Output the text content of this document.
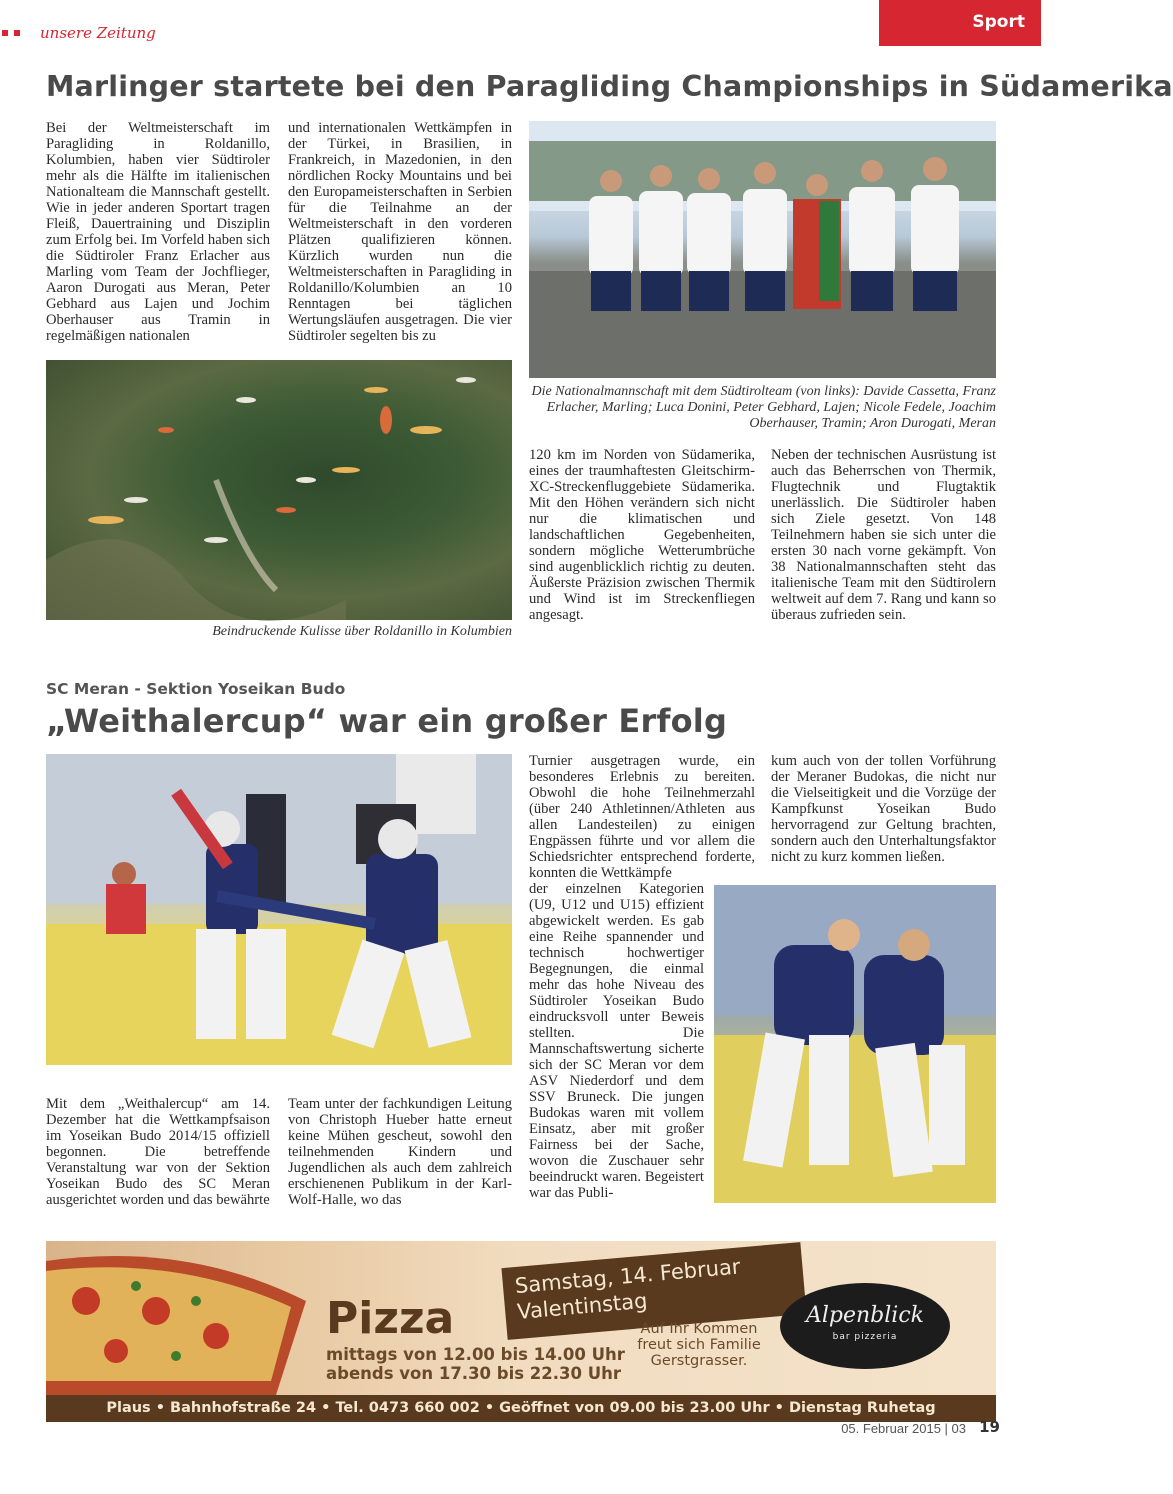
unsere Zeitung
Sport
Marlinger startete bei den Paragliding Championships in Südamerika
Bei der Weltmeisterschaft im Paragliding in Roldanillo, Kolumbien, haben vier Südtiroler mehr als die Hälfte im italienischen Nationalteam die Mannschaft gestellt. Wie in jeder anderen Sportart tragen Fleiß, Dauertraining und Disziplin zum Erfolg bei. Im Vorfeld haben sich die Südtiroler Franz Erlacher aus Marling vom Team der Jochflieger, Aaron Durogati aus Meran, Peter Gebhard aus Lajen und Jochim Oberhauser aus Tramin in regelmäßigen nationalen
und internationalen Wettkämpfen in der Türkei, in Brasilien, in Frankreich, in Mazedonien, in den nördlichen Rocky Mountains und bei den Europameisterschaften in Serbien für die Teilnahme an der Weltmeisterschaft in den vorderen Plätzen qualifizieren können. Kürzlich wurden nun die Weltmeisterschaften in Paragliding in Roldanillo/Kolumbien an 10 Renntagen bei täglichen Wertungsläufen ausgetragen. Die vier Südtiroler segelten bis zu
Die Nationalmannschaft mit dem Südtirolteam (von links): Davide Cassetta, Franz Erlacher, Marling; Luca Donini, Peter Gebhard, Lajen; Nicole Fedele, Joachim Oberhauser, Tramin; Aron Durogati, Meran
Beindruckende Kulisse über Roldanillo in Kolumbien
120 km im Norden von Südamerika, eines der traumhaftesten Gleitschirm-XC-Streckenfluggebiete Südamerika. Mit den Höhen verändern sich nicht nur die klimatischen und landschaftlichen Gegebenheiten, sondern mögliche Wetterumbrüche sind augenblicklich richtig zu deuten. Äußerste Präzision zwischen Thermik und Wind ist im Streckenfliegen angesagt.
Neben der technischen Ausrüstung ist auch das Beherrschen von Thermik, Flugtechnik und Flugtaktik unerlässlich. Die Südtiroler haben sich Ziele gesetzt. Von 148 Teilnehmern haben sie sich unter die ersten 30 nach vorne gekämpft. Von 38 Nationalmannschaften steht das italienische Team mit den Südtirolern weltweit auf dem 7. Rang und kann so überaus zufrieden sein.
SC Meran - Sektion Yoseikan Budo
„Weithalercup“ war ein großer Erfolg
Mit dem „Weithalercup“ am 14. Dezember hat die Wettkampfsaison im Yoseikan Budo 2014/15 offiziell begonnen. Die betreffende Veranstaltung war von der Sektion Yoseikan Budo des SC Meran ausgerichtet worden und das bewährte
Team unter der fachkundigen Leitung von Christoph Hueber hatte erneut keine Mühen gescheut, sowohl den teilnehmenden Kindern und Jugendlichen als auch dem zahlreich erschienenen Publikum in der Karl-Wolf-Halle, wo das
Turnier ausgetragen wurde, ein besonderes Erlebnis zu bereiten. Obwohl die hohe Teilnehmerzahl (über 240 Athletinnen/Athleten aus allen Landesteilen) zu einigen Engpässen führte und vor allem die Schiedsrichter entsprechend forderte, konnten die Wettkämpfe
der einzelnen Kategorien (U9, U12 und U15) effizient abgewickelt werden. Es gab eine Reihe spannender und technisch hochwertiger Begegnungen, die einmal mehr das hohe Niveau des Südtiroler Yoseikan Budo eindrucksvoll unter Beweis stellten. Die Mannschaftswertung sicherte sich der SC Meran vor dem ASV Niederdorf und dem SSV Bruneck. Die jungen Budokas waren mit vollem Einsatz, aber mit großer Fairness bei der Sache, wovon die Zuschauer sehr beeindruckt waren. Begeistert war das Publi-
kum auch von der tollen Vorführung der Meraner Budokas, die nicht nur die Vielseitigkeit und die Vorzüge der Kampfkunst Yoseikan Budo hervorragend zur Geltung brachten, sondern auch den Unterhaltungsfaktor nicht zu kurz kommen ließen.
Samstag, 14. Februar
Valentinstag
Pizza
mittags von 12.00 bis 14.00 Uhr
abends von 17.30 bis 22.30 Uhr
Auf Ihr Kommen freut sich Familie Gerstgrasser.
Alpenblick
bar pizzeria
Plaus • Bahnhofstraße 24 • Tel. 0473 660 002 • Geöffnet von 09.00 bis 23.00 Uhr • Dienstag Ruhetag
05. Februar 2015 | 03 19
